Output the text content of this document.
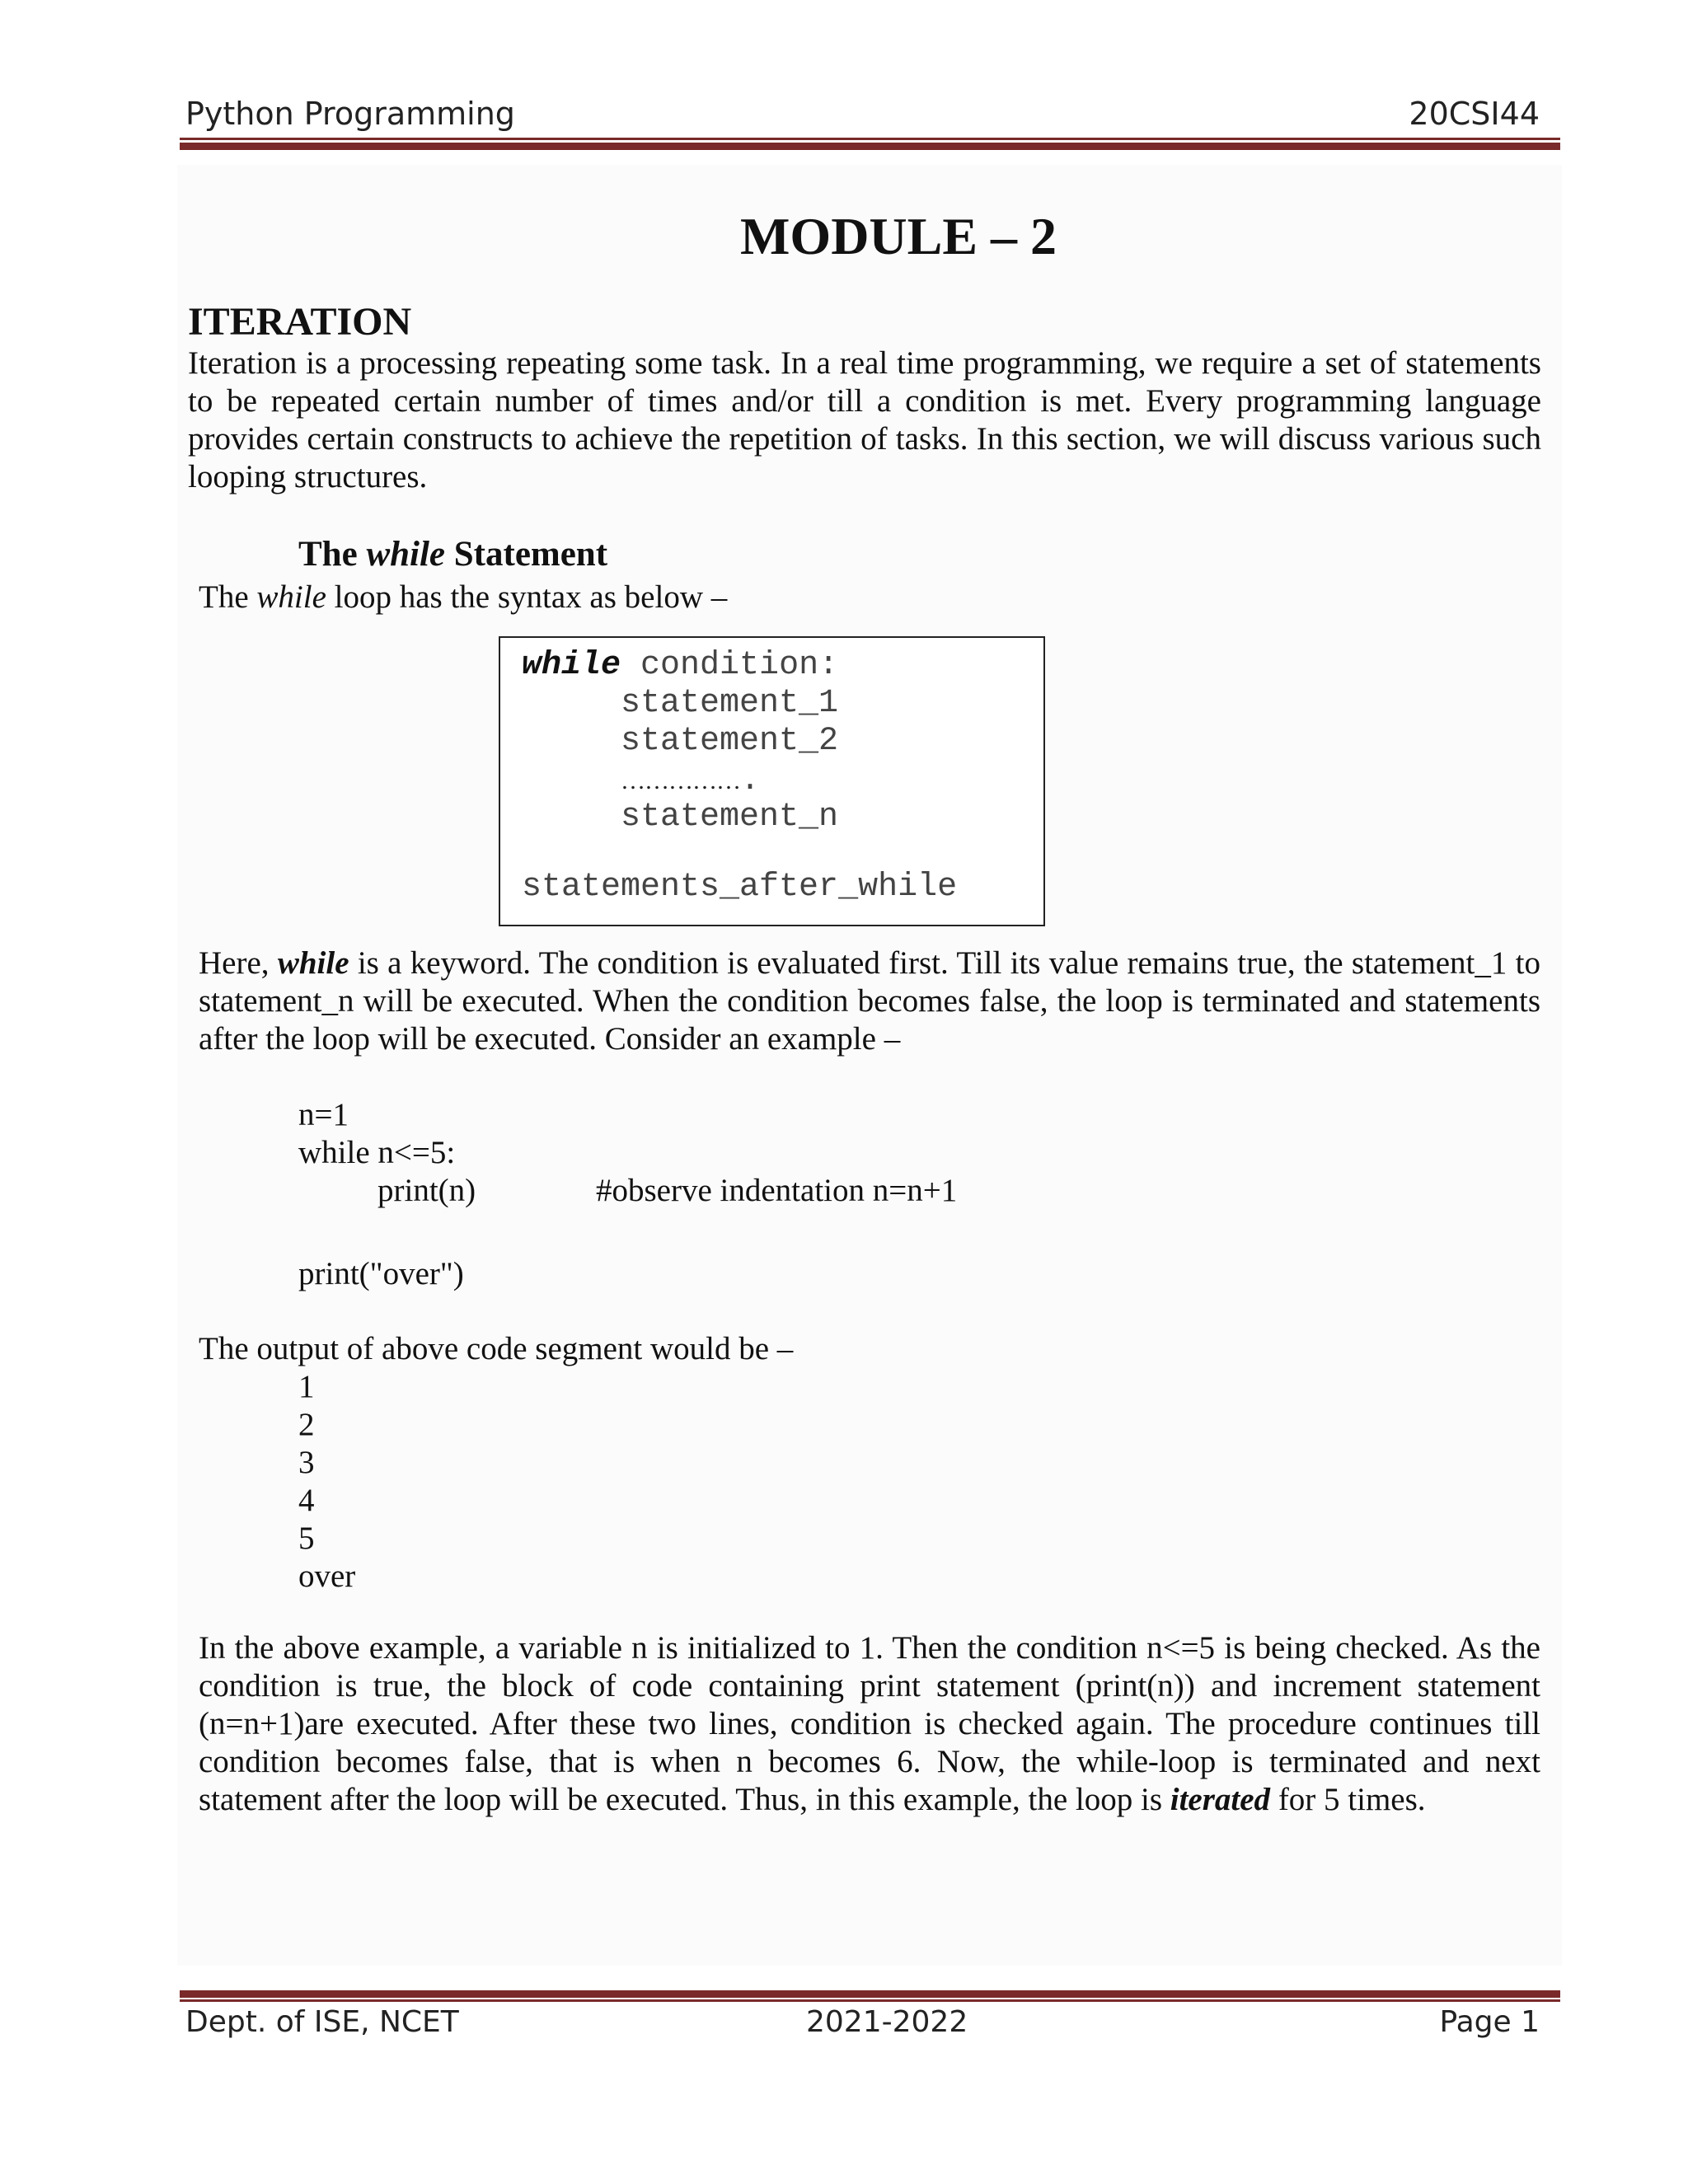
Python Programming	20CSI44
MODULE – 2
ITERATION
Iteration is a processing repeating some task. In a real time programming, we require a set of statements to be repeated certain number of times and/or till a condition is met. Every programming language provides certain constructs to achieve the repetition of tasks. In this section, we will discuss various such looping structures.
The while Statement
The while loop has the syntax as below –
while condition:
statement_1
statement_2
…………….
statement_n
statements_after_while
Here, while is a keyword. The condition is evaluated first. Till its value remains true, the statement_1 to statement_n will be executed. When the condition becomes false, the loop is terminated and statements after the loop will be executed. Consider an example –
n=1
while n<=5:
print(n)	#observe indentation n=n+1
print("over")
The output of above code segment would be –
1
2
3
4
5
over
In the above example, a variable n is initialized to 1. Then the condition n<=5 is being checked. As the condition is true, the block of code containing print statement (print(n)) and increment statement (n=n+1)are executed. After these two lines, condition is checked again. The procedure continues till condition becomes false, that is when n becomes 6. Now, the while-loop is terminated and next statement after the loop will be executed. Thus, in this example, the loop is iterated for 5 times.
Dept. of ISE, NCET	2021-2022	Page 1
